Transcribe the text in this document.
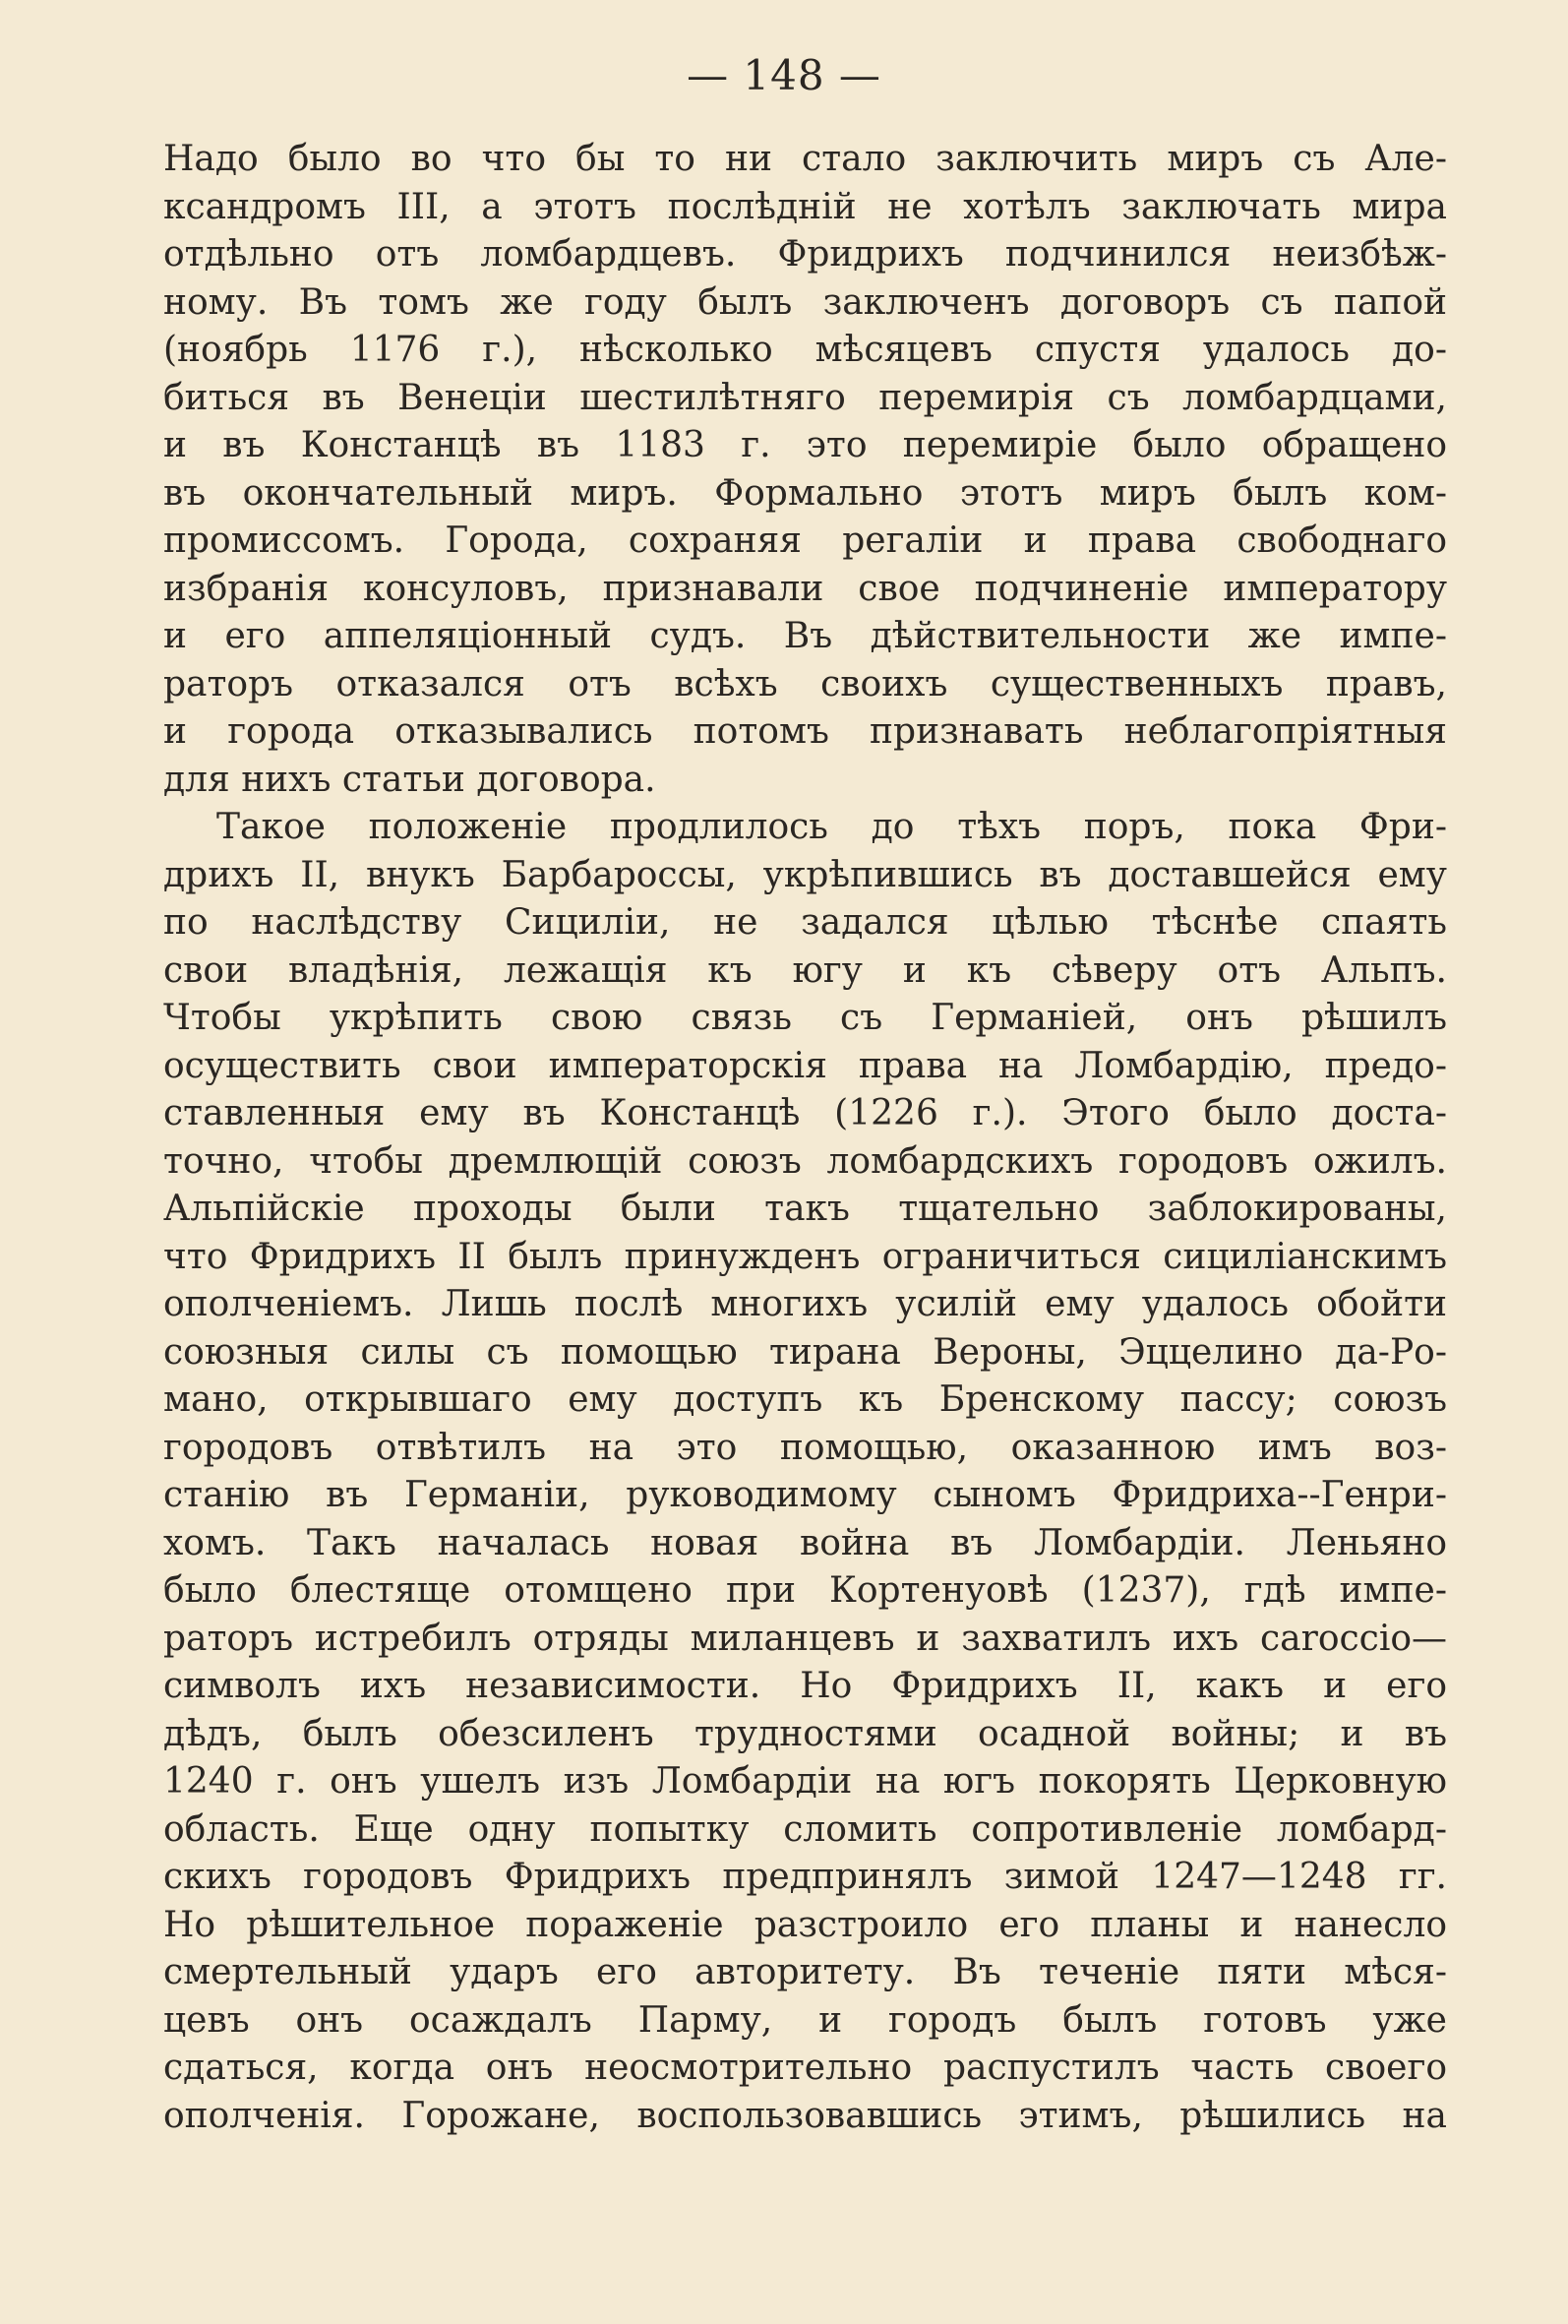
— 148 —
Надо было во что бы то ни стало заключить миръ съ Але-
ксандромъ III, а этотъ послѣдній не хотѣлъ заключать мира
отдѣльно отъ ломбардцевъ. Фридрихъ подчинился неизбѣж-
ному. Въ томъ же году былъ заключенъ договоръ съ папой
(ноябрь 1176 г.), нѣсколько мѣсяцевъ спустя удалось до-
биться въ Венеціи шестилѣтняго перемирія съ ломбардцами,
и въ Констанцѣ въ 1183 г. это перемиріе было обращено
въ окончательный миръ. Формально этотъ миръ былъ ком-
промиссомъ. Города, сохраняя регаліи и права свободнаго
избранія консуловъ, признавали свое подчиненіе императору
и его аппеляціонный судъ. Въ дѣйствительности же импе-
раторъ отказался отъ всѣхъ своихъ существенныхъ правъ,
и города отказывались потомъ признавать неблагопріятныя
для нихъ статьи договора.
Такое положеніе продлилось до тѣхъ поръ, пока Фри-
дрихъ II, внукъ Барбароссы, укрѣпившись въ доставшейся ему
по наслѣдству Сициліи, не задался цѣлью тѣснѣе спаять
свои владѣнія, лежащія къ югу и къ сѣверу отъ Альпъ.
Чтобы укрѣпить свою связь съ Германіей, онъ рѣшилъ
осуществить свои императорскія права на Ломбардію, предо-
ставленныя ему въ Констанцѣ (1226 г.). Этого было доста-
точно, чтобы дремлющій союзъ ломбардскихъ городовъ ожилъ.
Альпійскіе проходы были такъ тщательно заблокированы,
что Фридрихъ II былъ принужденъ ограничиться сициліанскимъ
ополченіемъ. Лишь послѣ многихъ усилій ему удалось обойти
союзныя силы съ помощью тирана Вероны, Эццелино да-Ро-
мано, открывшаго ему доступъ къ Бренскому пассу; союзъ
городовъ отвѣтилъ на это помощью, оказанною имъ воз-
станію въ Германіи, руководимому сыномъ Фридриха--Генри-
хомъ. Такъ началась новая война въ Ломбардіи. Леньяно
было блестяще отомщено при Кортенуовѣ (1237), гдѣ импе-
раторъ истребилъ отряды миланцевъ и захватилъ ихъ carоссіо—
символъ ихъ независимости. Но Фридрихъ II, какъ и его
дѣдъ, былъ обезсиленъ трудностями осадной войны; и въ
1240 г. онъ ушелъ изъ Ломбардіи на югъ покорять Церковную
область. Еще одну попытку сломить сопротивленіе ломбард-
скихъ городовъ Фридрихъ предпринялъ зимой 1247—1248 гг.
Но рѣшительное пораженіе разстроило его планы и нанесло
смертельный ударъ его авторитету. Въ теченіе пяти мѣся-
цевъ онъ осаждалъ Парму, и городъ былъ готовъ уже
сдаться, когда онъ неосмотрительно распустилъ часть своего
ополченія. Горожане, воспользовавшись этимъ, рѣшились на
